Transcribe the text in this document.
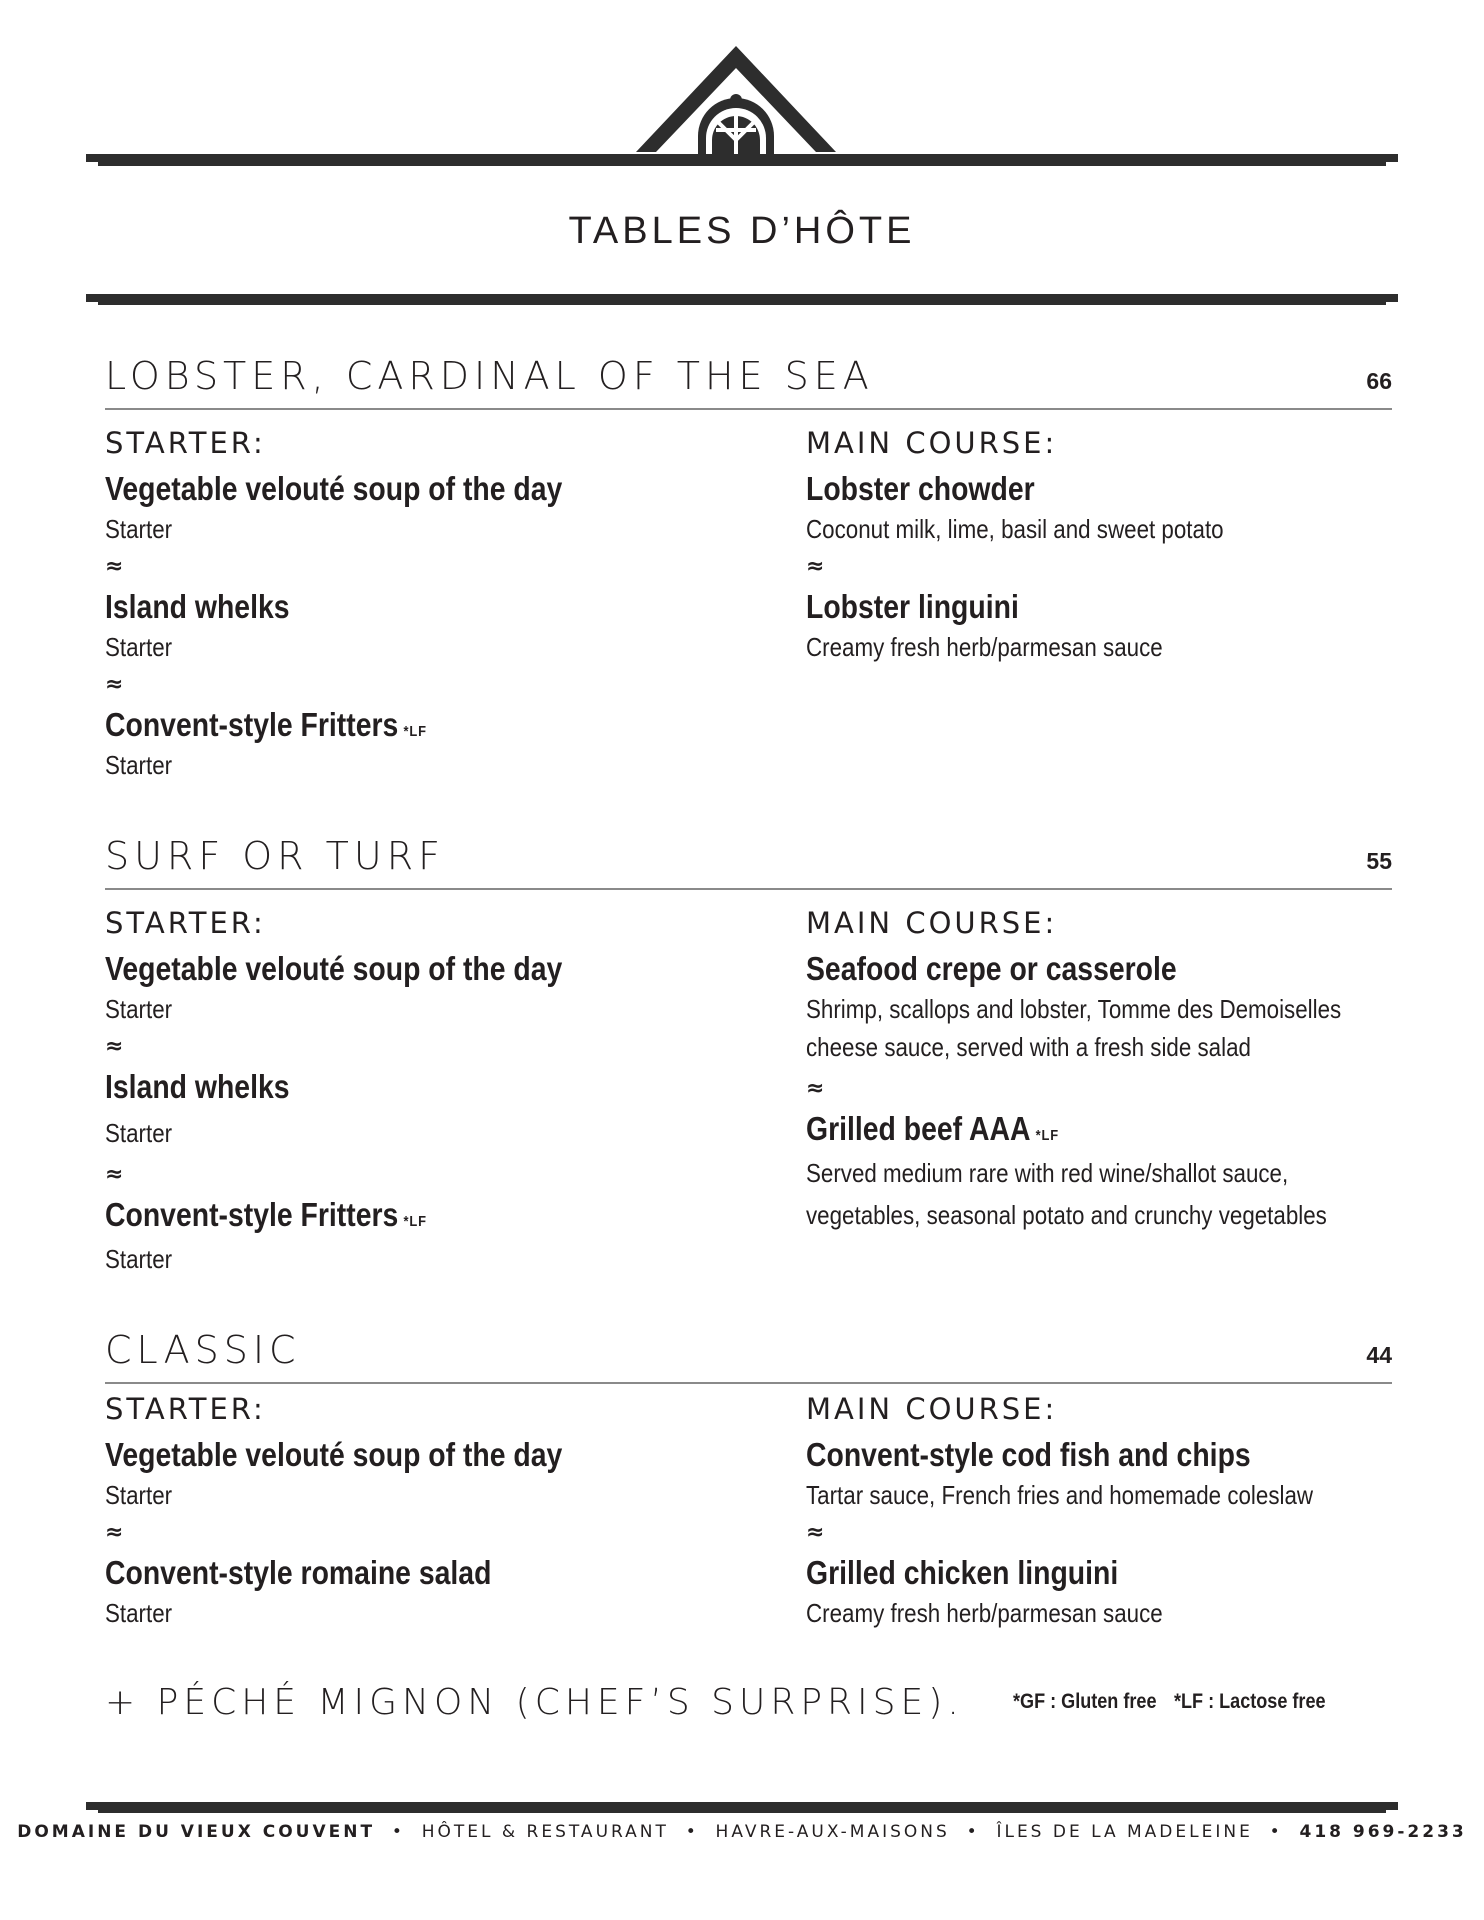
TABLES D’HÔTE
LOBSTER, CARDINAL OF THE SEA	66
STARTER:
Vegetable velouté soup of the day
Starter
≈
Island whelks
Starter
≈
Convent-style Fritters *LF
Starter
MAIN COURSE:
Lobster chowder
Coconut milk, lime, basil and sweet potato
≈
Lobster linguini
Creamy fresh herb/parmesan sauce
SURF OR TURF	55
STARTER:
Vegetable velouté soup of the day
Starter
≈
Island whelks
Starter
≈
Convent-style Fritters *LF
Starter
MAIN COURSE:
Seafood crepe or casserole
Shrimp, scallops and lobster, Tomme des Demoiselles
cheese sauce, served with a fresh side salad
≈
Grilled beef AAA *LF
Served medium rare with red wine/shallot sauce,
vegetables, seasonal potato and crunchy vegetables
CLASSIC	44
STARTER:
Vegetable velouté soup of the day
Starter
≈
Convent-style romaine salad
Starter
MAIN COURSE:
Convent-style cod fish and chips
Tartar sauce, French fries and homemade coleslaw
≈
Grilled chicken linguini
Creamy fresh herb/parmesan sauce
+ PÉCHÉ MIGNON (CHEF’S SURPRISE). *GF : Gluten free *LF : Lactose free
DOMAINE DU VIEUX COUVENT • HÔTEL & RESTAURANT • HAVRE-AUX-MAISONS • ÎLES DE LA MADELEINE • 418 969-2233
